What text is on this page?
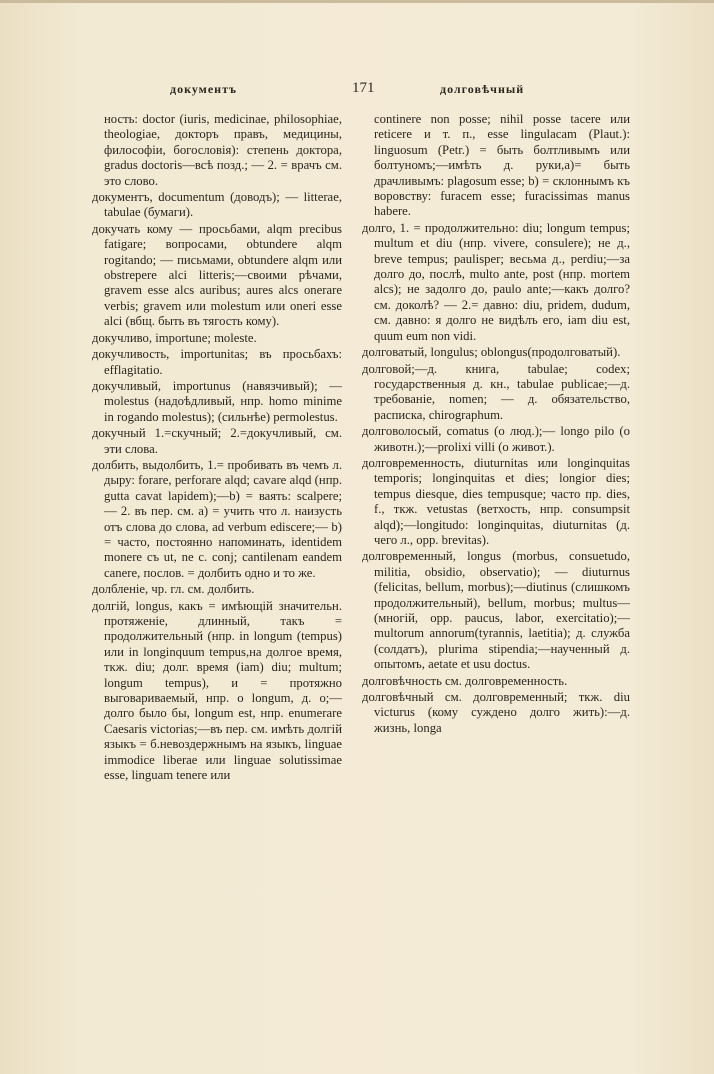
документъ	171	долговѣчный

ность: doctor (iuris, medicinae, philosophiae, theologiae, докторъ правъ, медицины, философіи, богословія): степень доктора, gradus doctoris—всѣ позд.; — 2. = врачъ см. это слово.

документъ, documentum (доводъ); — litterae, tabulae (бумаги).

докучать кому — просьбами, alqm precibus fatigare; вопросами, obtundere alqm rogitando; — письмами, obtundere alqm или obstrepere alci litteris;—своими рѣчами, gravem esse alcs auribus; aures alcs onerare verbis; gravem или molestum или oneri esse alci (вбщ. быть въ тягость кому).

докучливо, importune; moleste.

докучливость, importunitas; въ просьбахъ: efflagitatio.

докучливый, importunus (навязчивый); — molestus (надоѣдливый, нпр. homo minime in rogando molestus); (сильнѣе) permolestus.

докучный 1.=скучный; 2.=докучливый, см. эти слова.

долбить, выдолбить, 1.= пробивать въ чемъ л. дыру: forare, perforare alqd; cavare alqd (нпр. gutta cavat lapidem);—b) = ваять: scalpere; — 2. въ пер. см. a) = учить что л. наизусть отъ слова до слова, ad verbum ediscere;— b) = часто, постоянно напоминать, identidem monere съ ut, ne с. conj; cantilenam eandem canere, послов. = долбить одно и то же.

долбленіе, чр. гл. см. долбить.

долгій, longus, какъ = имѣющій значительн. протяженіе, длинный, такъ = продолжительный (нпр. in longum (tempus) или in longinquum tempus,на долгое время, ткж. diu; долг. время (iam) diu; multum; longum tempus), и = протяжно выговариваемый, нпр. o longum, д. o;— долго было бы, longum est, нпр. enumerare Caesaris victorias;—въ пер. см. имѣть долгій языкъ = б.невоздержнымъ на языкъ, linguae immodice liberae или linguae solutissimae esse, linguam tenere или

continere non posse; nihil posse tacere или reticere и т. п., esse lingulacam (Plaut.): linguosum (Petr.) = быть болтливымъ или болтуномъ;—имѣть д. руки,a)= быть драчливымъ: plagosum esse; b) = склоннымъ къ воровству: furacem esse; furacissimas manus habere.

долго, 1. = продолжительно: diu; longum tempus; multum et diu (нпр. vivere, consulere); не д., breve tempus; paulisper; весьма д., perdiu;—за долго до, послѣ, multo ante, post (нпр. mortem alcs); не задолго до, paulo ante;—какъ долго? см. доколѣ? — 2.= давно: diu, pridem, dudum, см. давно: я долго не видѣлъ его, iam diu est, quum eum non vidi.

долговатый, longulus; oblongus(продолговатый).

долговой;—д. книга, tabulae; codex; государственныя д. кн., tabulae publicae;—д. требованіе, nomen; — д. обязательство, расписка, chirographum.

долговолосый, comatus (о люд.);— longo pilo (о животн.);—prolixi villi (о живот.).

долговременность, diuturnitas или longinquitas temporis; longinquitas et dies; longior dies; tempus diesque, dies tempusque; часто пр. dies, f., ткж. vetustas (ветхость, нпр. consumpsit alqd);—longitudo: longinquitas, diuturnitas (д. чего л., opp. brevitas).

долговременный, longus (morbus, consuetudo, militia, obsidio, observatio); — diuturnus (felicitas, bellum, morbus);—diutinus (слишкомъ продолжительный), bellum, morbus; multus—(многій, opp. paucus, labor, exercitatio);—multorum annorum(tyrannis, laetitia); д. служба (солдатъ), plurima stipendia;—наученный д. опытомъ, aetate et usu doctus.

долговѣчность см. долговременность.

долговѣчный см. долговременный; ткж. diu victurus (кому суждено долго жить):—д. жизнь, longa
